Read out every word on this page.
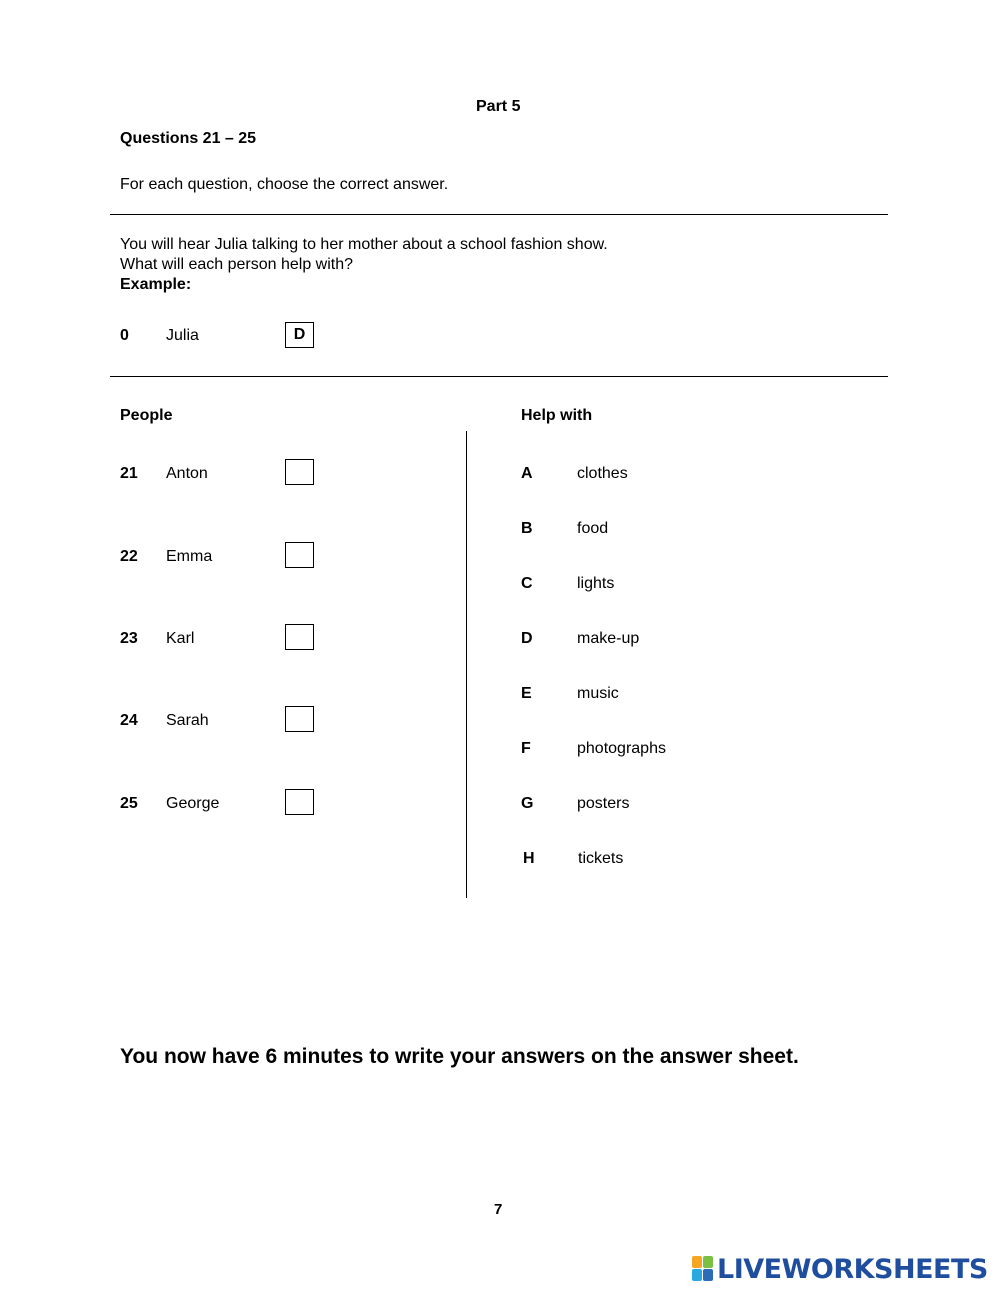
Part 5
Questions 21 – 25
For each question, choose the correct answer.
You will hear Julia talking to her mother about a school fashion show.
What will each person help with?
Example:
0 Julia	D
People	Help with
21 Anton
22 Emma
23 Karl
24 Sarah
25 George
A	clothes
B	food
C	lights
D	make-up
E	music
F	photographs
G	posters
H	tickets
You now have 6 minutes to write your answers on the answer sheet.
7
LIVEWORKSHEETS
